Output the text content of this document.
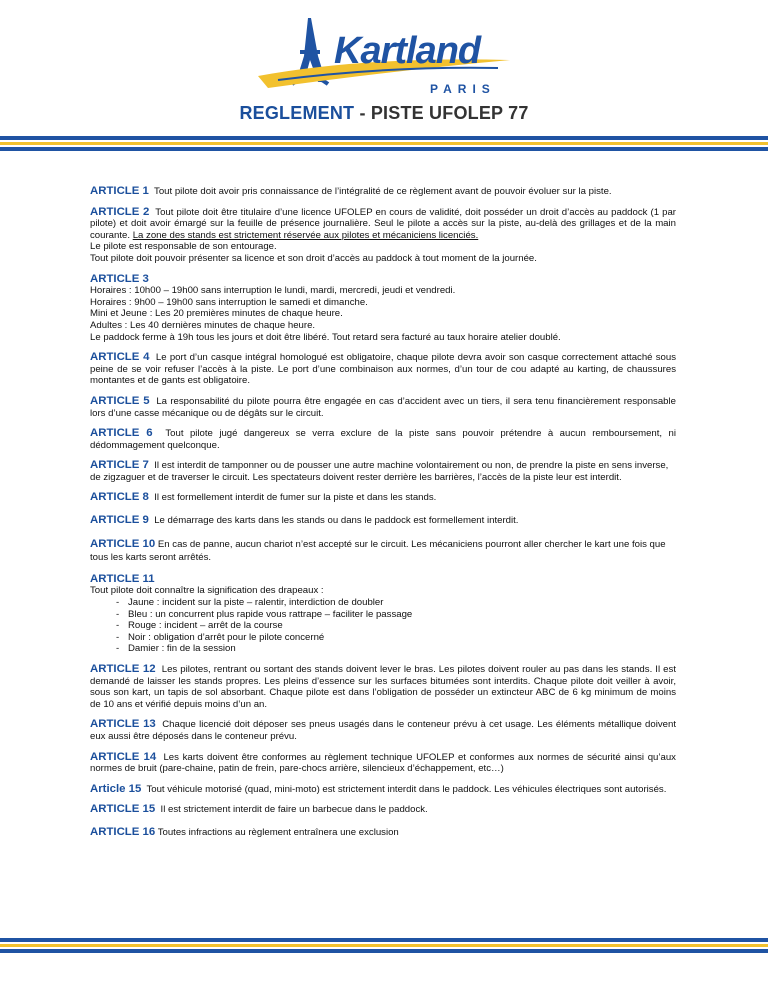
Kartland
PARIS
REGLEMENT - PISTE UFOLEP 77

ARTICLE 1 Tout pilote doit avoir pris connaissance de l’intégralité de ce règlement avant de pouvoir évoluer sur la piste.

ARTICLE 2 Tout pilote doit être titulaire d’une licence UFOLEP en cours de validité, doit posséder un droit d’accès au paddock (1 par pilote) et doit avoir émargé sur la feuille de présence journalière. Seul le pilote a accès sur la piste, au-delà des grillages et de la main courante. La zone des stands est strictement réservée aux pilotes et mécaniciens licenciés.
Le pilote est responsable de son entourage.
Tout pilote doit pouvoir présenter sa licence et son droit d’accès au paddock à tout moment de la journée.

ARTICLE 3
Horaires : 10h00 – 19h00 sans interruption le lundi, mardi, mercredi, jeudi et vendredi.
Horaires : 9h00 – 19h00 sans interruption le samedi et dimanche.
Mini et Jeune : Les 20 premières minutes de chaque heure.
Adultes : Les 40 dernières minutes de chaque heure.
Le paddock ferme à 19h tous les jours et doit être libéré. Tout retard sera facturé au taux horaire atelier doublé.

ARTICLE 4 Le port d’un casque intégral homologué est obligatoire, chaque pilote devra avoir son casque correctement attaché sous peine de se voir refuser l’accès à la piste. Le port d’une combinaison aux normes, d’un tour de cou adapté au karting, de chaussures montantes et de gants est obligatoire.

ARTICLE 5 La responsabilité du pilote pourra être engagée en cas d’accident avec un tiers, il sera tenu financièrement responsable lors d’une casse mécanique ou de dégâts sur le circuit.

ARTICLE 6 Tout pilote jugé dangereux se verra exclure de la piste sans pouvoir prétendre à aucun remboursement, ni dédommagement quelconque.

ARTICLE 7 Il est interdit de tamponner ou de pousser une autre machine volontairement ou non, de prendre la piste en sens inverse, de zigzaguer et de traverser le circuit. Les spectateurs doivent rester derrière les barrières, l’accès de la piste leur est interdit.

ARTICLE 8 Il est formellement interdit de fumer sur la piste et dans les stands.

ARTICLE 9 Le démarrage des karts dans les stands ou dans le paddock est formellement interdit.

ARTICLE 10 En cas de panne, aucun chariot n’est accepté sur le circuit. Les mécaniciens pourront aller chercher le kart une fois que tous les karts seront arrêtés.

ARTICLE 11
Tout pilote doit connaître la signification des drapeaux :
- Jaune : incident sur la piste – ralentir, interdiction de doubler
- Bleu : un concurrent plus rapide vous rattrape – faciliter le passage
- Rouge : incident – arrêt de la course
- Noir : obligation d’arrêt pour le pilote concerné
- Damier : fin de la session

ARTICLE 12 Les pilotes, rentrant ou sortant des stands doivent lever le bras. Les pilotes doivent rouler au pas dans les stands. Il est demandé de laisser les stands propres. Les pleins d’essence sur les surfaces bitumées sont interdits. Chaque pilote doit veiller à avoir, sous son kart, un tapis de sol absorbant. Chaque pilote est dans l’obligation de posséder un extincteur ABC de 6 kg minimum de moins de 10 ans et vérifié depuis moins d’un an.

ARTICLE 13 Chaque licencié doit déposer ses pneus usagés dans le conteneur prévu à cet usage. Les éléments métallique doivent eux aussi être déposés dans le conteneur prévu.

ARTICLE 14 Les karts doivent être conformes au règlement technique UFOLEP et conformes aux normes de sécurité ainsi qu’aux normes de bruit (pare-chaine, patin de frein, pare-chocs arrière, silencieux d’échappement, etc…)

Article 15 Tout véhicule motorisé (quad, mini-moto) est strictement interdit dans le paddock. Les véhicules électriques sont autorisés.

ARTICLE 15 Il est strictement interdit de faire un barbecue dans le paddock.

ARTICLE 16 Toutes infractions au règlement entraînera une exclusion
